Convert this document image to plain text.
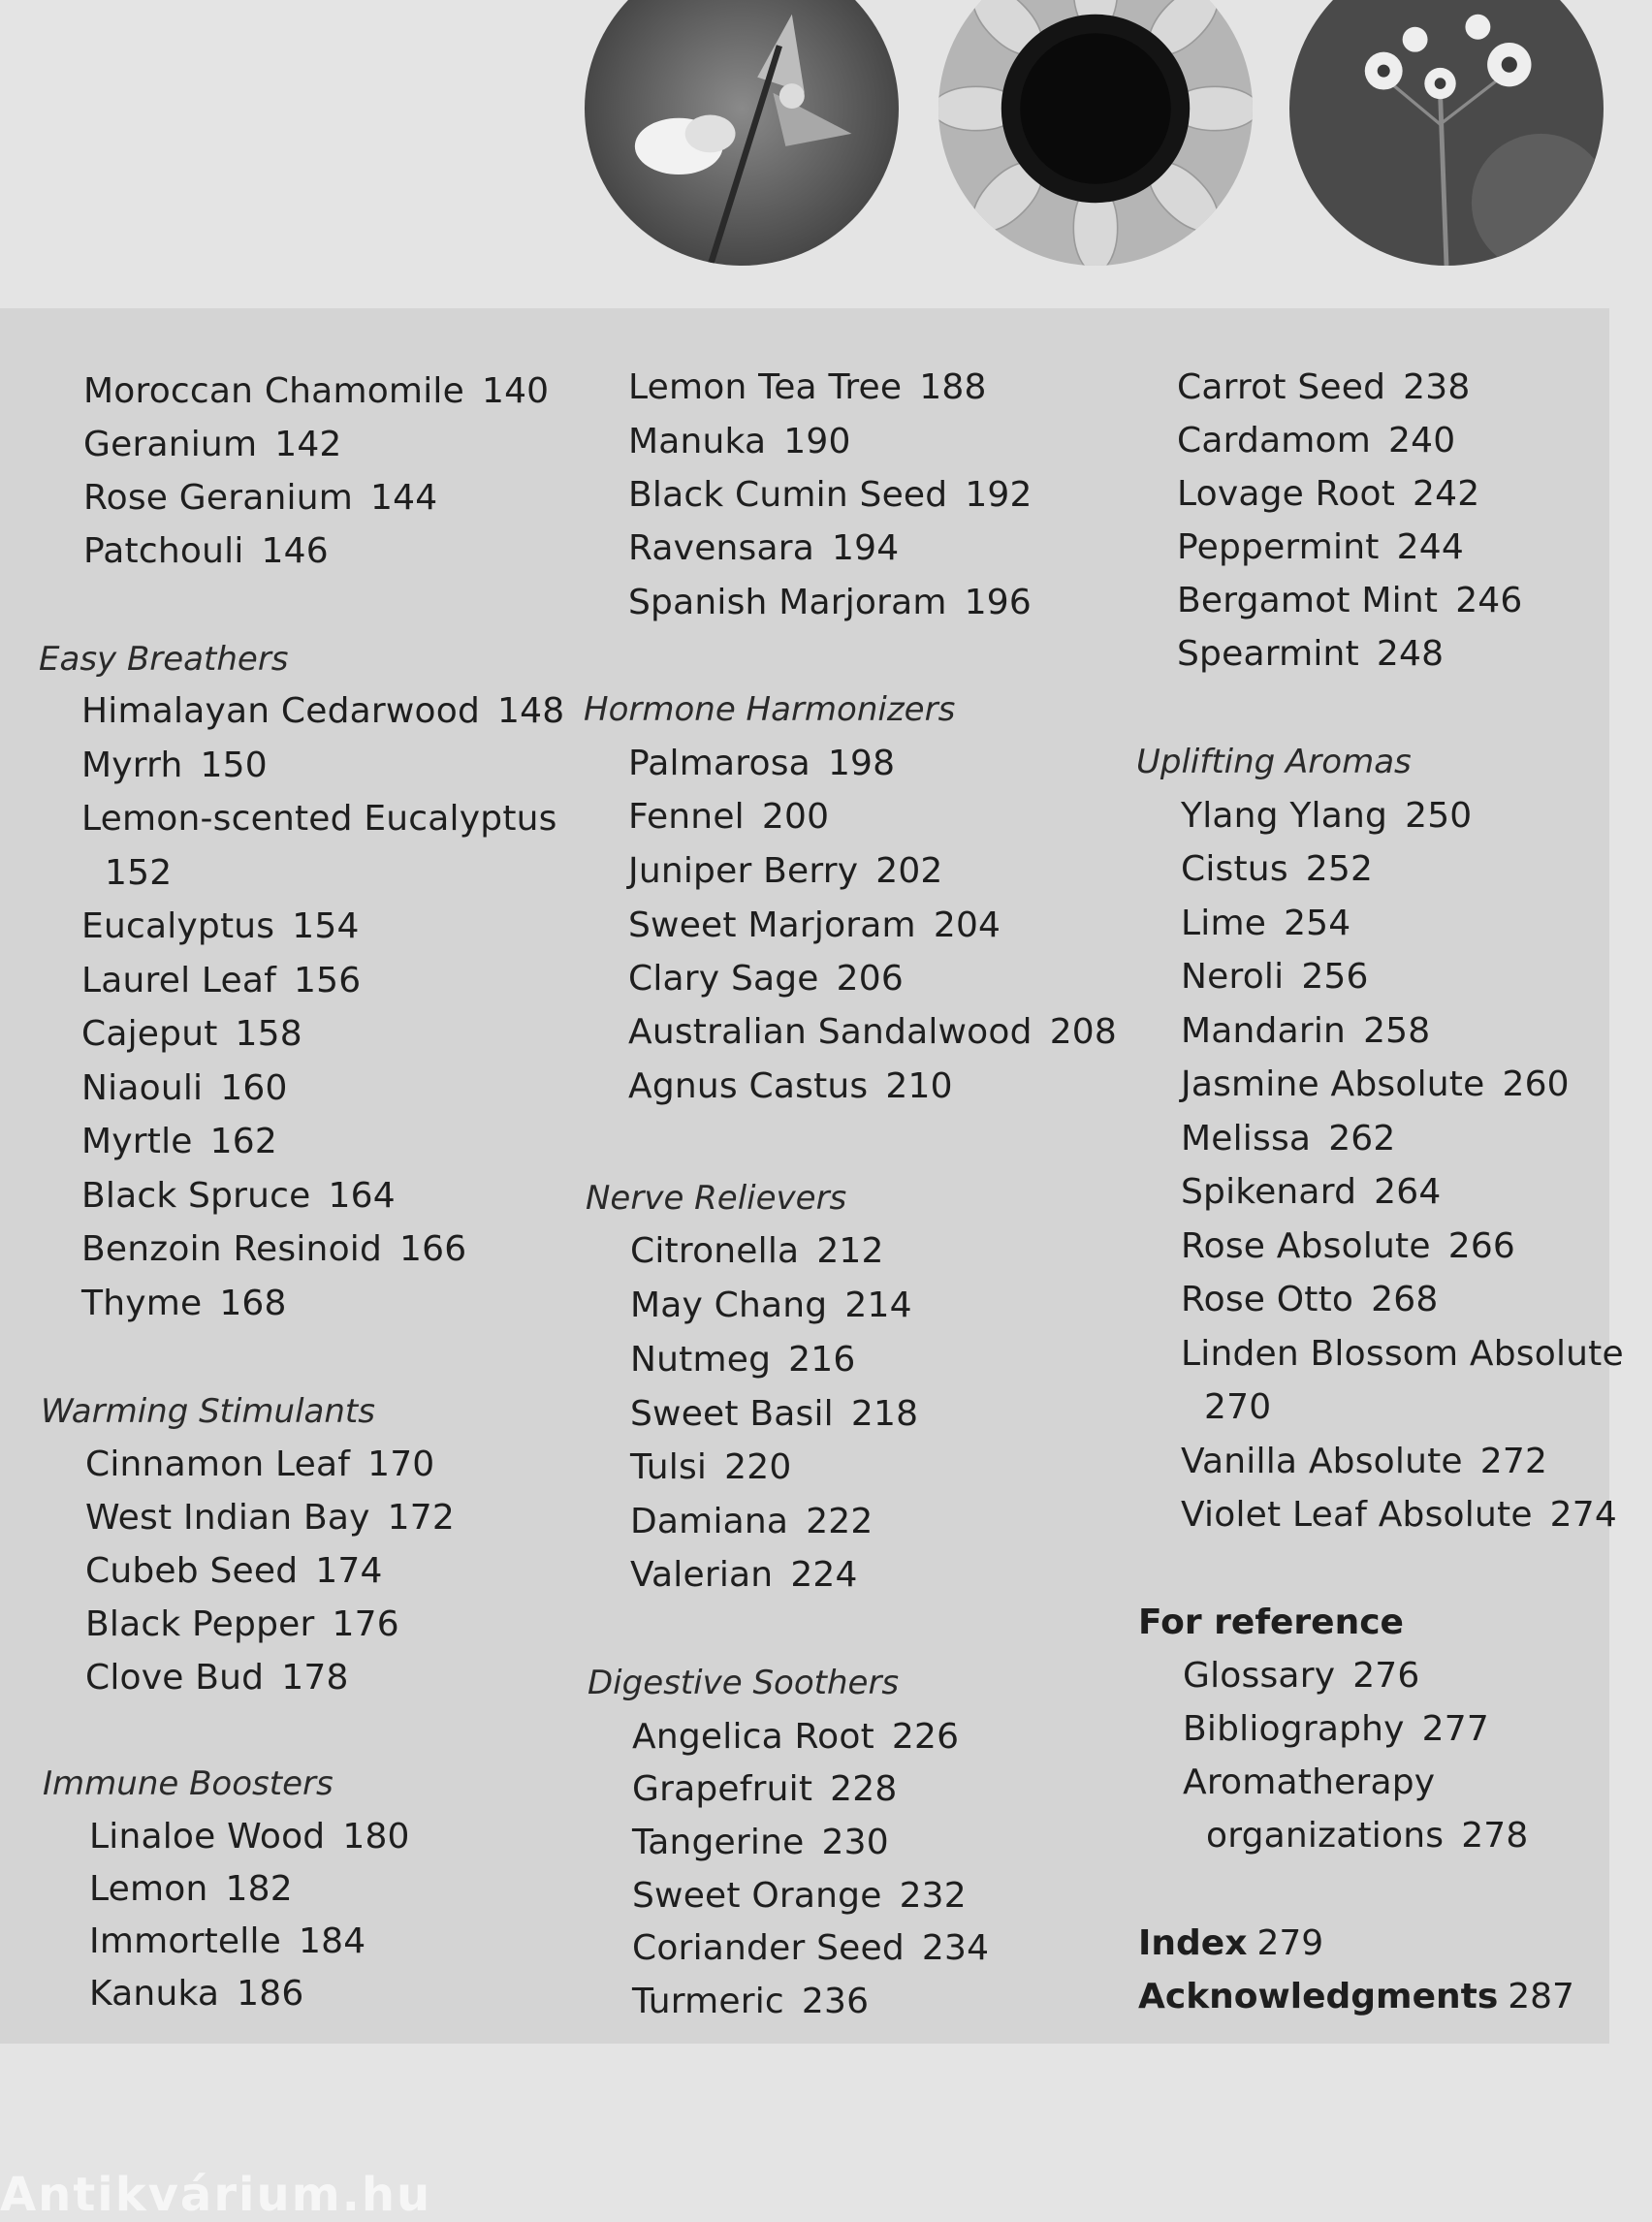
Moroccan Chamomile 140
Geranium 142
Rose Geranium 144
Patchouli 146
Easy Breathers
Himalayan Cedarwood 148
Myrrh 150
Lemon-scented Eucalyptus
152
Eucalyptus 154
Laurel Leaf 156
Cajeput 158
Niaouli 160
Myrtle 162
Black Spruce 164
Benzoin Resinoid 166
Thyme 168
Warming Stimulants
Cinnamon Leaf 170
West Indian Bay 172
Cubeb Seed 174
Black Pepper 176
Clove Bud 178
Immune Boosters
Linaloe Wood 180
Lemon 182
Immortelle 184
Kanuka 186
Lemon Tea Tree 188
Manuka 190
Black Cumin Seed 192
Ravensara 194
Spanish Marjoram 196
Hormone Harmonizers
Palmarosa 198
Fennel 200
Juniper Berry 202
Sweet Marjoram 204
Clary Sage 206
Australian Sandalwood 208
Agnus Castus 210
Nerve Relievers
Citronella 212
May Chang 214
Nutmeg 216
Sweet Basil 218
Tulsi 220
Damiana 222
Valerian 224
Digestive Soothers
Angelica Root 226
Grapefruit 228
Tangerine 230
Sweet Orange 232
Coriander Seed 234
Turmeric 236
Carrot Seed 238
Cardamom 240
Lovage Root 242
Peppermint 244
Bergamot Mint 246
Spearmint 248
Uplifting Aromas
Ylang Ylang 250
Cistus 252
Lime 254
Neroli 256
Mandarin 258
Jasmine Absolute 260
Melissa 262
Spikenard 264
Rose Absolute 266
Rose Otto 268
Linden Blossom Absolute
270
Vanilla Absolute 272
Violet Leaf Absolute 274
For reference
Glossary 276
Bibliography 277
Aromatherapy
organizations 278
Index 279
Acknowledgments 287
Antikvárium.hu
